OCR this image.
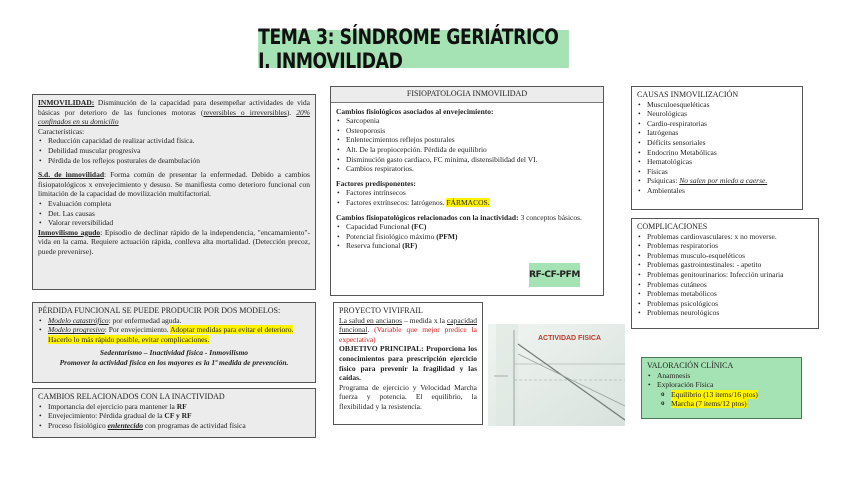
TEMA 3: SÍNDROME GERIÁTRICO I. INMOVILIDAD
INMOVILIDAD: Disminución de la capacidad para desempeñar actividades de vida básicas por deterioro de las funciones motoras (reversibles o irreversibles). 20% confinados en su domicilio
Características:
• Reducción capacidad de realizar actividad física.
• Debilidad muscular progresiva
• Pérdida de los reflejos posturales de deambulación
S.d. de inmovilidad: Forma común de presentar la enfermedad. Debido a cambios fisiopatológicos x envejecimiento y desuso. Se manifiesta como deterioro funcional con limitación de la capacidad de movilización multifactorial.
• Evaluación completa
• Det. Las causas
• Valorar reversibilidad
Inmovilismo agudo: Episodio de declinar rápido de la independencia, "encamamiento"-vida en la cama. Requiere actuación rápida, conlleva alta mortalidad. (Detección precoz, puede prevenirse).
PÉRDIDA FUNCIONAL SE PUEDE PRODUCIR POR DOS MODELOS:
• Modelo catastrófico: por enfermedad aguda.
• Modelo progresivo: Por envejecimiento. Adoptar medidas para evitar el deterioro. Hacerlo lo más rápido posible, evitar complicaciones.
Sedentarismo – Inactividad física - Inmovilismo
Promover la actividad física en los mayores es la 1ª medida de prevención.
CAMBIOS RELACIONADOS CON LA INACTIVIDAD
• Importancia del ejercicio para mantener la RF
• Envejecimiento: Pérdida gradual de la CF y RF
• Proceso fisiológico enlentecido con programas de actividad física
FISIOPATOLOGIA INMOVILIDAD
Cambios fisiológicos asociados al envejecimiento:
• Sarcopenia
• Osteoporosis
• Enlentecimientos reflejos posturales
• Alt. De la propiocepción. Pérdida de equilibrio
• Disminución gasto cardiaco, FC mínima, distensibilidad del VI.
• Cambios respiratorios.
Factores predisponentes:
• Factores intrínsecos
• Factores extrínsecos: Iatrógenos. FÁRMACOS.
Cambios fisiopatológicos relacionados con la inactividad: 3 conceptos básicos.
• Capacidad Funcional (FC)
• Potencial fisiológico máximo (PFM)
• Reserva funcional (RF)
RF-CF-PFM
PROYECTO VIVIFRAIL
La salud en ancianos – medida x la capacidad funcional. (Variable que mejor predice la expectativa)
OBJETIVO PRINCIPAL: Proporciona los conocimientos para prescripción ejercicio físico para prevenir la fragilidad y las caídas.
Programa de ejercicio y Velocidad Marcha fuerza y potencia. El equilibrio, la flexibilidad y la resistencia.
ACTIVIDAD FISICA
CAUSAS INMOVILIZACIÓN
• Musculoesqueléticas
• Neurológicas
• Cardio-respiratorias
• Iatrógenas
• Déficits sensoriales
• Endocrino Metabólicas
• Hematológicas
• Físicas
• Psíquicas: No salen por miedo a caerse.
• Ambientales
COMPLICACIONES
• Problemas cardiovasculares: x no moverse.
• Problemas respiratorios
• Problemas musculo-esqueléticos
• Problemas gastrointestinales: - apetito
• Problemas genitourinarios: Infección urinaria
• Problemas cutáneos
• Problemas metabólicos
• Problemas psicológicos
• Problemas neurológicos
VALORACIÓN CLÍNICA
• Anamnesis
• Exploración Física
o Equilibrio (13 items/16 ptos)
o Marcha (7 items/12 ptos)
